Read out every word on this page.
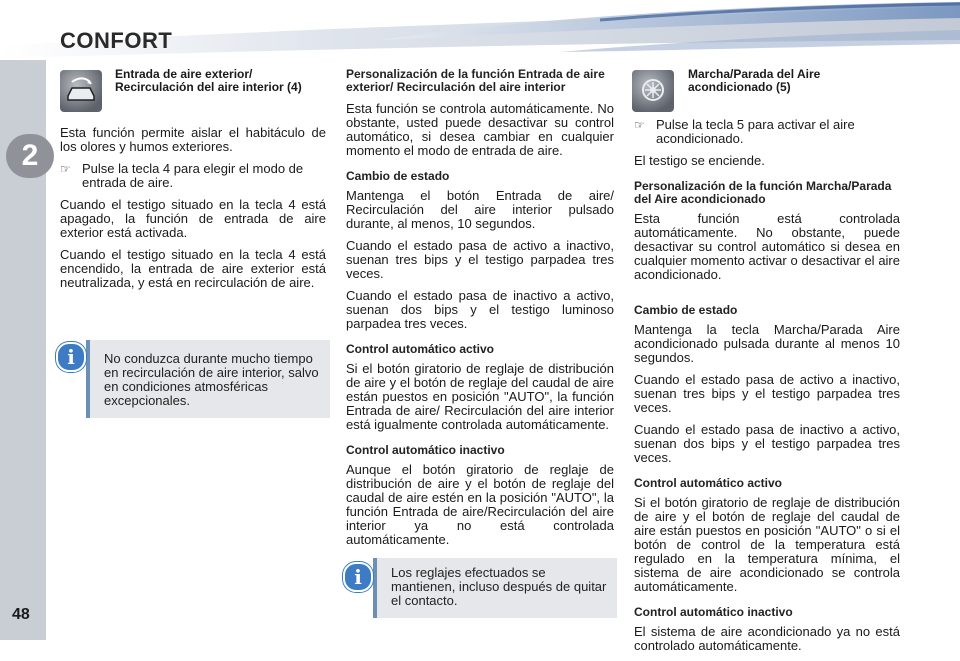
CONFORT
2
48
Entrada de aire exterior/
Recirculación del aire interior (4)

Esta función permite aislar el habitáculo de los olores y humos exteriores.

☞ Pulse la tecla 4 para elegir el modo de entrada de aire.

Cuando el testigo situado en la tecla 4 está apagado, la función de entrada de aire exterior está activada.

Cuando el testigo situado en la tecla 4 está encendido, la entrada de aire exterior está neutralizada, y está en recirculación de aire.

No conduzca durante mucho tiempo en recirculación de aire interior, salvo en condiciones atmosféricas excepcionales.
i
Personalización de la función Entrada de aire exterior/ Recirculación del aire interior

Esta función se controla automáticamente. No obstante, usted puede desactivar su control automático, si desea cambiar en cualquier momento el modo de entrada de aire.

Cambio de estado

Mantenga el botón Entrada de aire/ Recirculación del aire interior pulsado durante, al menos, 10 segundos.

Cuando el estado pasa de activo a inactivo, suenan tres bips y el testigo parpadea tres veces.

Cuando el estado pasa de inactivo a activo, suenan dos bips y el testigo luminoso parpadea tres veces.

Control automático activo

Si el botón giratorio de reglaje de distribución de aire y el botón de reglaje del caudal de aire están puestos en posición "AUTO", la función Entrada de aire/ Recirculación del aire interior está igualmente controlada automáticamente.

Control automático inactivo

Aunque el botón giratorio de reglaje de distribución de aire y el botón de reglaje del caudal de aire estén en la posición "AUTO", la función Entrada de aire/Recirculación del aire interior ya no está controlada automáticamente.

Los reglajes efectuados se mantienen, incluso después de quitar el contacto.
i
Marcha/Parada del Aire
acondicionado (5)
☞ Pulse la tecla 5 para activar el aire acondicionado.

El testigo se enciende.

Personalización de la función Marcha/Parada del Aire acondicionado

Esta función está controlada automáticamente. No obstante, puede desactivar su control automático si desea en cualquier momento activar o desactivar el aire acondicionado.

Cambio de estado

Mantenga la tecla Marcha/Parada Aire acondicionado pulsada durante al menos 10 segundos.

Cuando el estado pasa de activo a inactivo, suenan tres bips y el testigo parpadea tres veces.

Cuando el estado pasa de inactivo a activo, suenan dos bips y el testigo parpadea tres veces.

Control automático activo

Si el botón giratorio de reglaje de distribución de aire y el botón de reglaje del caudal de aire están puestos en posición "AUTO" o si el botón de control de la temperatura está regulado en la temperatura mínima, el sistema de aire acondicionado se controla automáticamente.

Control automático inactivo

El sistema de aire acondicionado ya no está controlado automáticamente.
